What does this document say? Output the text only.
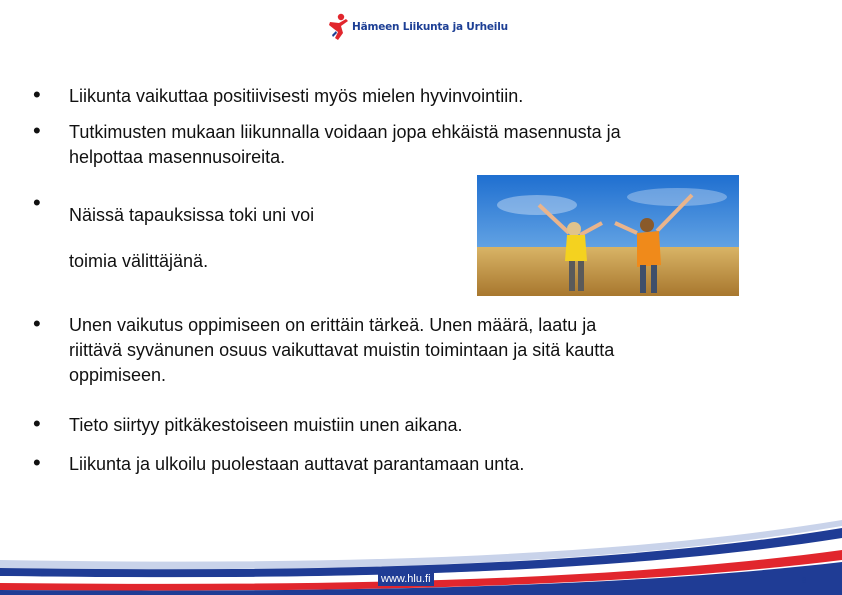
Hämeen Liikunta ja Urheilu
• Liikunta vaikuttaa positiivisesti myös mielen hyvinvointiin.
• Tutkimusten mukaan liikunnalla voidaan jopa ehkäistä masennusta ja
helpottaa masennusoireita.
• Näissä tapauksissa toki uni voi
toimia välittäjänä.
• Unen vaikutus oppimiseen on erittäin tärkeä. Unen määrä, laatu ja
riittävä syvänunen osuus vaikuttavat muistin toimintaan ja sitä kautta
oppimiseen.
• Tieto siirtyy pitkäkestoiseen muistiin unen aikana.
• Liikunta ja ulkoilu puolestaan auttavat parantamaan unta.
www.hlu.fi	8
